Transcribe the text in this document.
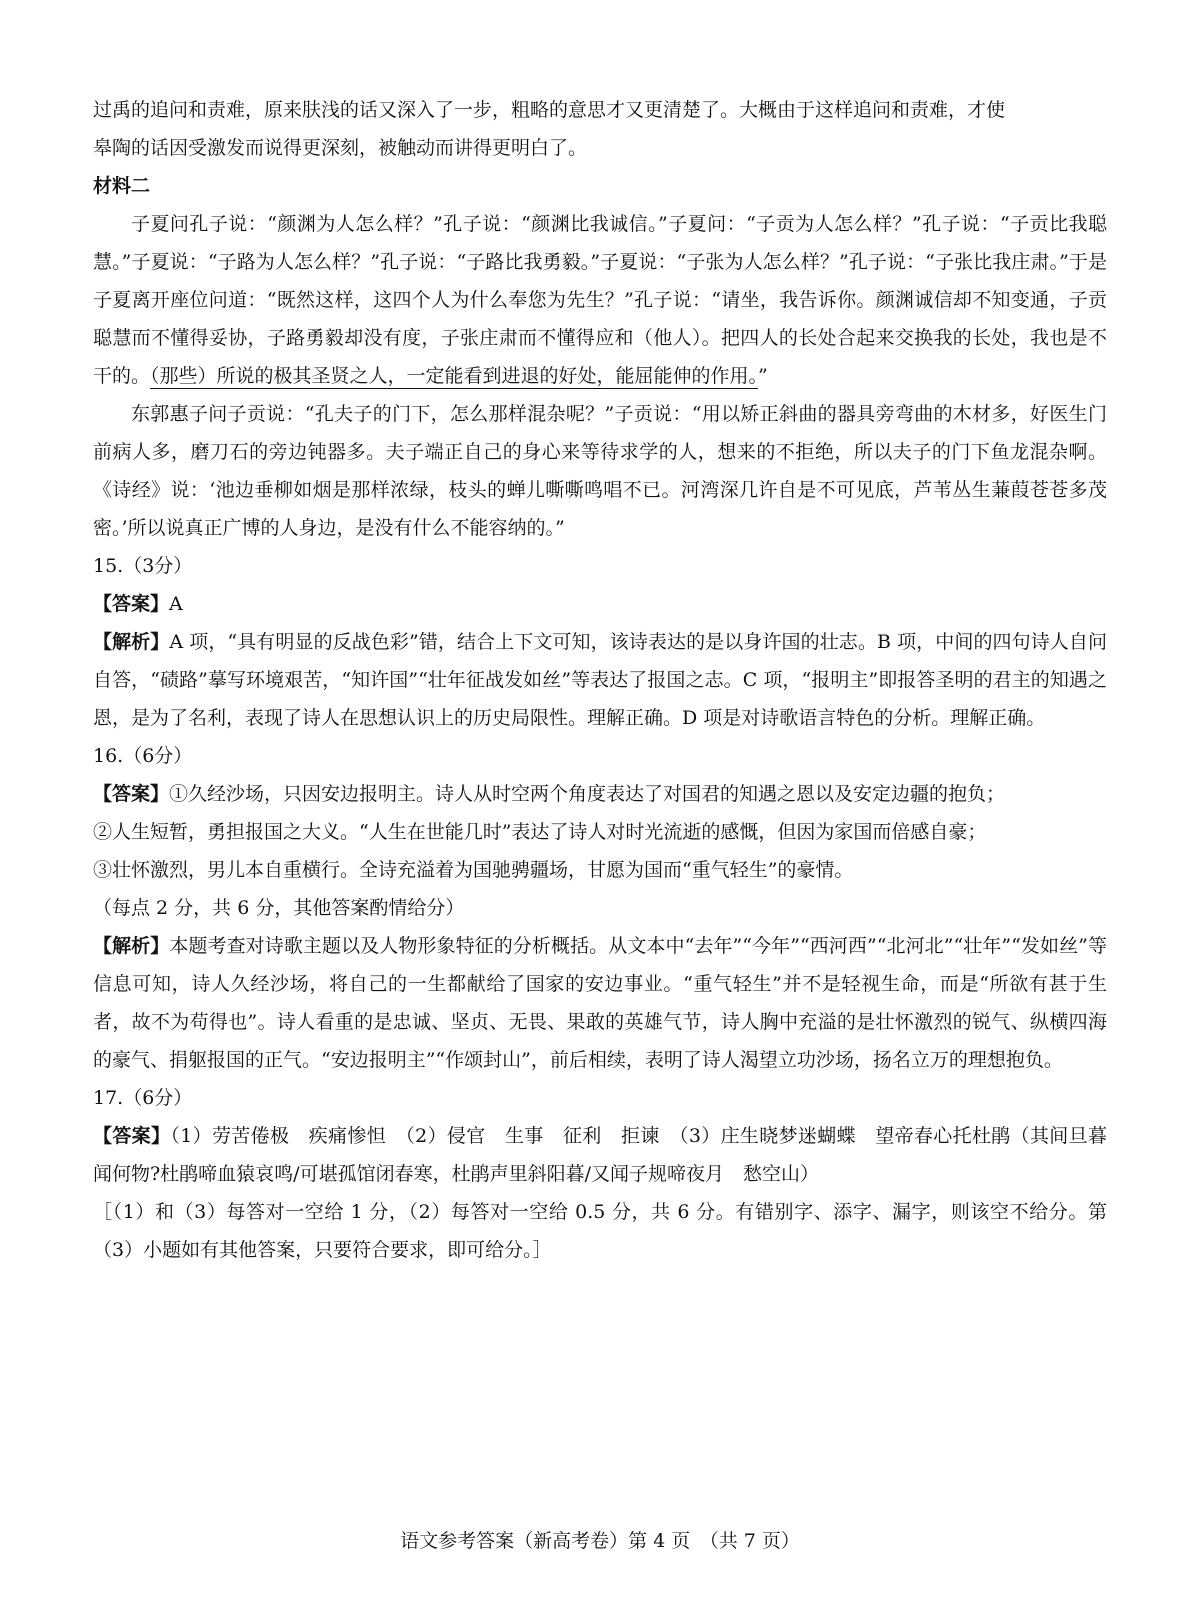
过禹的追问和责难，原来肤浅的话又深入了一步，粗略的意思才又更清楚了。大概由于这样追问和责难，才使

皋陶的话因受激发而说得更深刻，被触动而讲得更明白了。

材料二

子夏问孔子说：“颜渊为人怎么样？”孔子说：“颜渊比我诚信。”子夏问：“子贡为人怎么样？”孔子说：“子贡比我聪慧。”子夏说：“子路为人怎么样？”孔子说：“子路比我勇毅。”子夏说：“子张为人怎么样？”孔子说：“子张比我庄肃。”于是子夏离开座位问道：“既然这样，这四个人为什么奉您为先生？”孔子说：“请坐，我告诉你。颜渊诚信却不知变通，子贡聪慧而不懂得妥协，子路勇毅却没有度，子张庄肃而不懂得应和（他人）。把四人的长处合起来交换我的长处，我也是不干的。（那些）所说的极其圣贤之人，一定能看到进退的好处，能屈能伸的作用。”

东郭惠子问子贡说：“孔夫子的门下，怎么那样混杂呢？”子贡说：“用以矫正斜曲的器具旁弯曲的木材多，好医生门前病人多，磨刀石的旁边钝器多。夫子端正自己的身心来等待求学的人，想来的不拒绝，所以夫子的门下鱼龙混杂啊。《诗经》说：‘池边垂柳如烟是那样浓绿，枝头的蝉儿嘶嘶鸣唱不已。河湾深几许自是不可见底，芦苇丛生蒹葭苍苍多茂密。’所以说真正广博的人身边，是没有什么不能容纳的。”

15.（3分）

【答案】A

【解析】A 项，“具有明显的反战色彩”错，结合上下文可知，该诗表达的是以身许国的壮志。B 项，中间的四句诗人自问自答，“碛路”摹写环境艰苦，“知许国”“壮年征战发如丝”等表达了报国之志。C 项，“报明主”即报答圣明的君主的知遇之恩，是为了名利，表现了诗人在思想认识上的历史局限性。理解正确。D 项是对诗歌语言特色的分析。理解正确。

16.（6分）

【答案】①久经沙场，只因安边报明主。诗人从时空两个角度表达了对国君的知遇之恩以及安定边疆的抱负；

②人生短暂，勇担报国之大义。“人生在世能几时”表达了诗人对时光流逝的感慨，但因为家国而倍感自豪；

③壮怀激烈，男儿本自重横行。全诗充溢着为国驰骋疆场，甘愿为国而“重气轻生”的豪情。

（每点 2 分，共 6 分，其他答案酌情给分）

【解析】本题考查对诗歌主题以及人物形象特征的分析概括。从文本中“去年”“今年”“西河西”“北河北”“壮年”“发如丝”等信息可知，诗人久经沙场，将自己的一生都献给了国家的安边事业。“重气轻生”并不是轻视生命，而是“所欲有甚于生者，故不为苟得也”。诗人看重的是忠诚、坚贞、无畏、果敢的英雄气节，诗人胸中充溢的是壮怀激烈的锐气、纵横四海的豪气、捐躯报国的正气。“安边报明主”“作颂封山”，前后相续，表明了诗人渴望立功沙场，扬名立万的理想抱负。

17.（6分）

【答案】（1）劳苦倦极　疾痛惨怛　（2）侵官　生事　征利　拒谏　（3）庄生晓梦迷蝴蝶　望帝春心托杜鹃（其间旦暮闻何物?杜鹃啼血猿哀鸣/可堪孤馆闭春寒，杜鹃声里斜阳暮/又闻子规啼夜月　愁空山）

［（1）和（3）每答对一空给 1 分，（2）每答对一空给 0.5 分，共 6 分。有错别字、添字、漏字，则该空不给分。第（3）小题如有其他答案，只要符合要求，即可给分。］

语文参考答案（新高考卷）第 4 页　（共 7 页）
